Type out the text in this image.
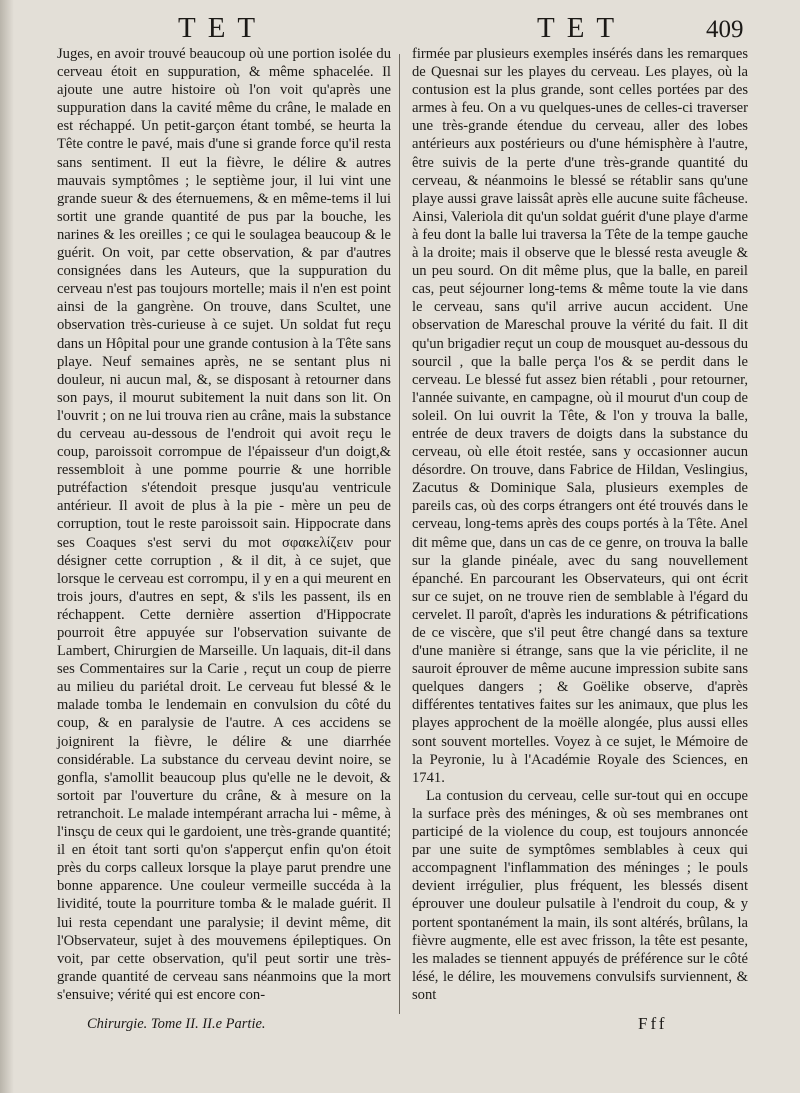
TET	TET	409

Juges, en avoir trouvé beaucoup où une portion isolée du cerveau étoit en suppuration, & même sphacelée. Il ajoute une autre histoire où l'on voit qu'après une suppuration dans la cavité même du crâne, le malade en est réchappé. Un petit-garçon étant tombé, se heurta la Tête contre le pavé, mais d'une si grande force qu'il resta sans sentiment. Il eut la fièvre, le délire & autres mauvais symptômes ; le septième jour, il lui vint une grande sueur & des éternuemens, & en même-tems il lui sortit une grande quantité de pus par la bouche, les narines & les oreilles ; ce qui le soulagea beaucoup & le guérit. On voit, par cette observation, & par d'autres consignées dans les Auteurs, que la suppuration du cerveau n'est pas toujours mortelle; mais il n'en est point ainsi de la gangrène. On trouve, dans Scultet, une observation très-curieuse à ce sujet. Un soldat fut reçu dans un Hôpital pour une grande contusion à la Tête sans playe. Neuf semaines après, ne se sentant plus ni douleur, ni aucun mal, &, se disposant à retourner dans son pays, il mourut subitement la nuit dans son lit. On l'ouvrit ; on ne lui trouva rien au crâne, mais la substance du cerveau au-dessous de l'endroit qui avoit reçu le coup, paroissoit corrompue de l'épaisseur d'un doigt,& ressembloit à une pomme pourrie & une horrible putréfaction s'étendoit presque jusqu'au ventricule antérieur. Il avoit de plus à la pie - mère un peu de corruption, tout le reste paroissoit sain. Hippocrate dans ses Coaques s'est servi du mot σφακελίζειν pour désigner cette corruption , & il dit, à ce sujet, que lorsque le cerveau est corrompu, il y en a qui meurent en trois jours, d'autres en sept, & s'ils les passent, ils en réchappent. Cette dernière assertion d'Hippocrate pourroit être appuyée sur l'observation suivante de Lambert, Chirurgien de Marseille. Un laquais, dit-il dans ses Commentaires sur la Carie , reçut un coup de pierre au milieu du pariétal droit. Le cerveau fut blessé & le malade tomba le lendemain en convulsion du côté du coup, & en paralysie de l'autre. A ces accidens se joignirent la fièvre, le délire & une diarrhée considérable. La substance du cerveau devint noire, se gonfla, s'amollit beaucoup plus qu'elle ne le devoit, & sortoit par l'ouverture du crâne, & à mesure on la retranchoit. Le malade intempérant arracha lui - même, à l'insçu de ceux qui le gardoient, une très-grande quantité; il en étoit tant sorti qu'on s'apperçut enfin qu'on étoit près du corps calleux lorsque la playe parut prendre une bonne apparence. Une couleur vermeille succéda à la lividité, toute la pourriture tomba & le malade guérit. Il lui resta cependant une paralysie; il devint même, dit l'Observateur, sujet à des mouvemens épileptiques. On voit, par cette observation, qu'il peut sortir une très-grande quantité de cerveau sans néanmoins que la mort s'ensuive; vérité qui est encore con-

firmée par plusieurs exemples insérés dans les remarques de Quesnai sur les playes du cerveau. Les playes, où la contusion est la plus grande, sont celles portées par des armes à feu. On a vu quelques-unes de celles-ci traverser une très-grande étendue du cerveau, aller des lobes antérieurs aux postérieurs ou d'une hémisphère à l'autre, être suivis de la perte d'une très-grande quantité du cerveau, & néanmoins le blessé se rétablir sans qu'une playe aussi grave laissât après elle aucune suite fâcheuse. Ainsi, Valeriola dit qu'un soldat guérit d'une playe d'arme à feu dont la balle lui traversa la Tête de la tempe gauche à la droite; mais il observe que le blessé resta aveugle & un peu sourd. On dit même plus, que la balle, en pareil cas, peut séjourner long-tems & même toute la vie dans le cerveau, sans qu'il arrive aucun accident. Une observation de Mareschal prouve la vérité du fait. Il dit qu'un brigadier reçut un coup de mousquet au-dessous du sourcil , que la balle perça l'os & se perdit dans le cerveau. Le blessé fut assez bien rétabli , pour retourner, l'année suivante, en campagne, où il mourut d'un coup de soleil. On lui ouvrit la Tête, & l'on y trouva la balle, entrée de deux travers de doigts dans la substance du cerveau, où elle étoit restée, sans y occasionner aucun désordre. On trouve, dans Fabrice de Hildan, Veslingius, Zacutus & Dominique Sala, plusieurs exemples de pareils cas, où des corps étrangers ont été trouvés dans le cerveau, long-tems après des coups portés à la Tête. Anel dit même que, dans un cas de ce genre, on trouva la balle sur la glande pinéale, avec du sang nouvellement épanché. En parcourant les Observateurs, qui ont écrit sur ce sujet, on ne trouve rien de semblable à l'égard du cervelet. Il paroît, d'après les indurations & pétrifications de ce viscère, que s'il peut être changé dans sa texture d'une manière si étrange, sans que la vie périclite, il ne sauroit éprouver de même aucune impression subite sans quelques dangers ; & Goëlike observe, d'après différentes tentatives faites sur les animaux, que plus les playes approchent de la moëlle alongée, plus aussi elles sont souvent mortelles. Voyez à ce sujet, le Mémoire de la Peyronie, lu à l'Académie Royale des Sciences, en 1741.

La contusion du cerveau, celle sur-tout qui en occupe la surface près des méninges, & où ses membranes ont participé de la violence du coup, est toujours annoncée par une suite de symptômes semblables à ceux qui accompagnent l'inflammation des méninges ; le pouls devient irrégulier, plus fréquent, les blessés disent éprouver une douleur pulsatile à l'endroit du coup, & y portent spontanément la main, ils sont altérés, brûlans, la fièvre augmente, elle est avec frisson, la tête est pesante, les malades se tiennent appuyés de préférence sur le côté lésé, le délire, les mouvemens convulsifs surviennent, & sont

Chirurgie. Tome II. II.e Partie.	Fff
